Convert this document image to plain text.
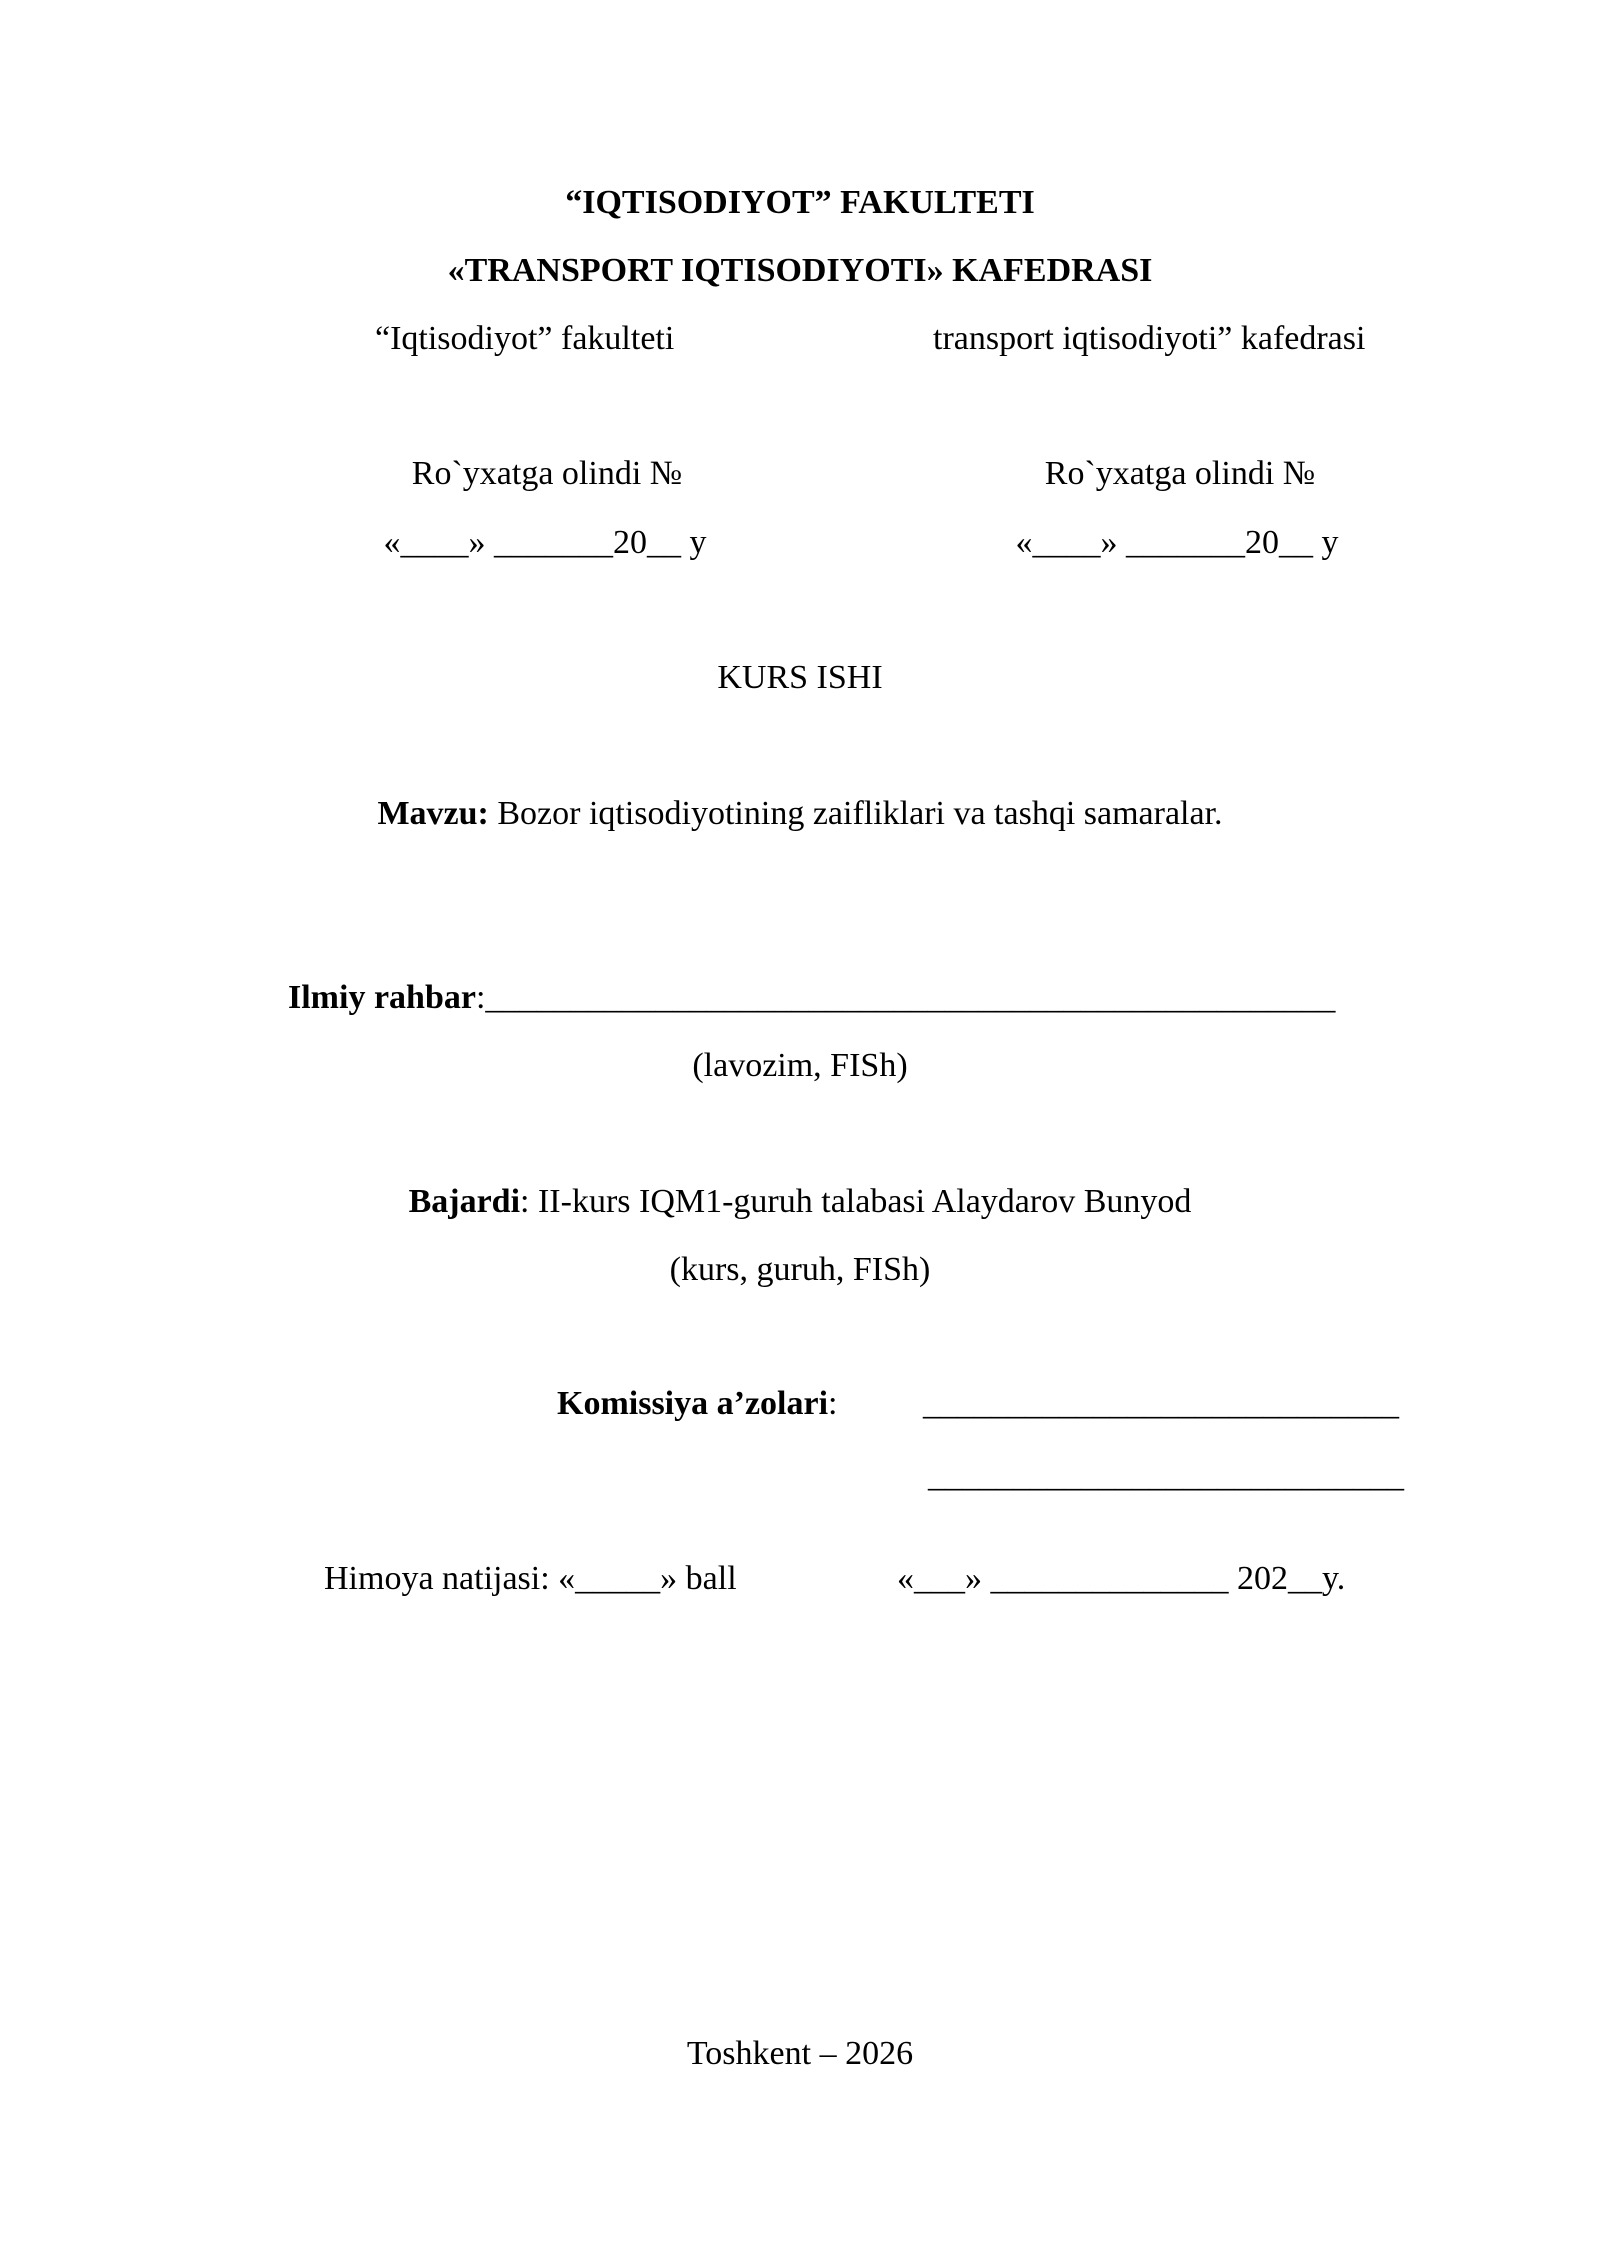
“IQTISODIYOT” FAKULTETI
«TRANSPORT IQTISODIYOTI» KAFEDRASI
“Iqtisodiyot” fakulteti	transport iqtisodiyoti” kafedrasi
Ro`yxatga olindi №	Ro`yxatga olindi №
«____» _______20__ y	«____» _______20__ y
KURS ISHI
Mavzu: Bozor iqtisodiyotining zaifliklari va tashqi samaralar.
Ilmiy rahbar:__________________________________________________
(lavozim, FISh)
Bajardi: II-kurs IQM1-guruh talabasi Alaydarov Bunyod
(kurs, guruh, FISh)
Komissiya a’zolari:	____________________________
____________________________
Himoya natijasi: «_____» ball	«___» ______________ 202__y.
Toshkent – 2026
